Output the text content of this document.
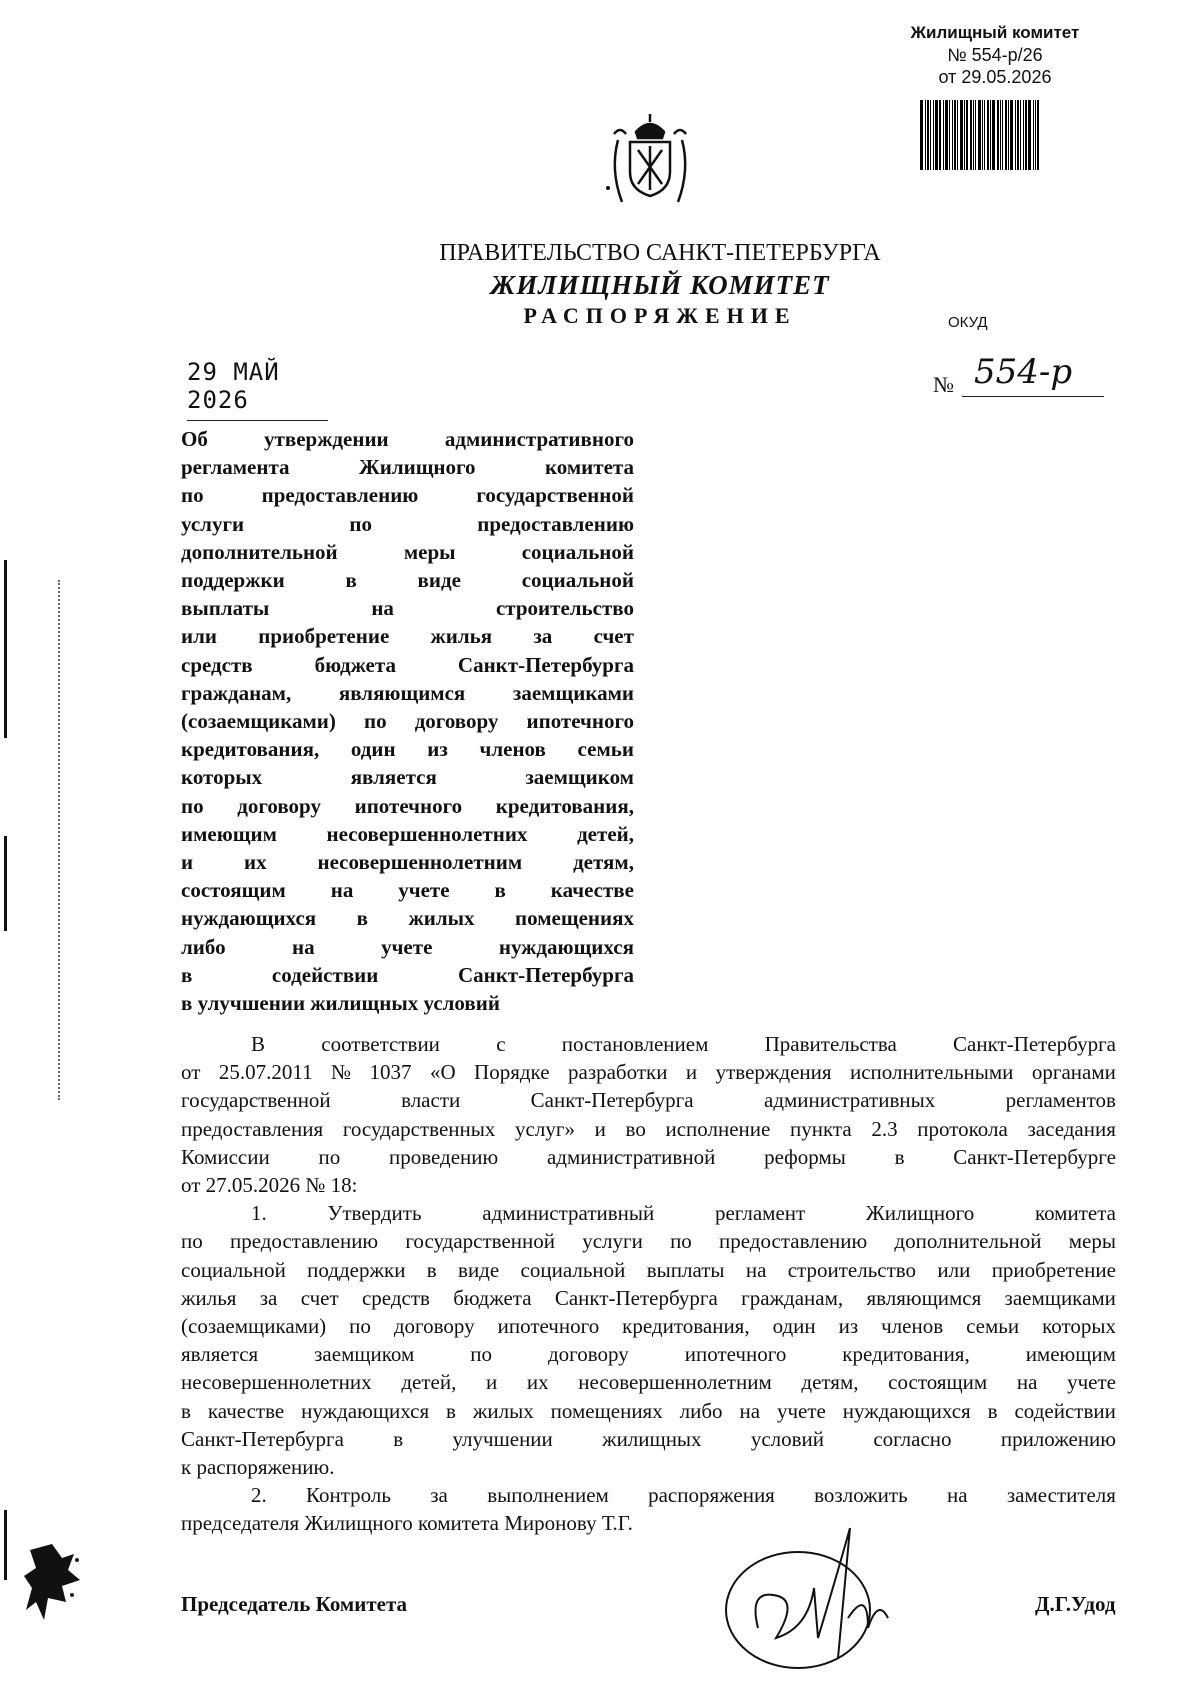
Жилищный комитет
№ 554-р/26
от 29.05.2026
ПРАВИТЕЛЬСТВО САНКТ-ПЕТЕРБУРГА
ЖИЛИЩНЫЙ КОМИТЕТ
РАСПОРЯЖЕНИЕ	ОКУД
29 МАЙ 2026
№ 554-р
Об	утверждении	административного
регламента	Жилищного	комитета
по	предоставлению	государственной
услуги	по	предоставлению
дополнительной	меры	социальной
поддержки	в	виде	социальной
выплаты	на	строительство
или приобретение жилья за счет
средств	бюджета	Санкт-Петербурга
гражданам, являющимся заемщиками
(созаемщиками) по договору ипотечного
кредитования, один из членов семьи
которых	является	заемщиком
по договору ипотечного кредитования,
имеющим несовершеннолетних детей,
и их несовершеннолетним детям,
состоящим на учете в качестве
нуждающихся в жилых помещениях
либо	на	учете	нуждающихся
в	содействии	Санкт-Петербурга
в улучшении жилищных условий
В	соответствии	с	постановлением	Правительства	Санкт-Петербурга
от 25.07.2011 № 1037 «О Порядке разработки и утверждения исполнительными органами
государственной	власти	Санкт-Петербурга	административных	регламентов
предоставления государственных услуг» и во исполнение пункта 2.3 протокола заседания
Комиссии по проведению административной реформы в Санкт-Петербурге
от 27.05.2026 № 18:
1.	Утвердить	административный	регламент	Жилищного	комитета
по предоставлению государственной услуги по предоставлению дополнительной меры
социальной поддержки в виде социальной выплаты на строительство или приобретение
жилья за счет средств бюджета Санкт-Петербурга гражданам, являющимся заемщиками
(созаемщиками) по договору ипотечного кредитования, один из членов семьи которых
является	заемщиком	по	договору	ипотечного	кредитования,	имеющим
несовершеннолетних детей, и их несовершеннолетним детям, состоящим на учете
в качестве нуждающихся в жилых помещениях либо на учете нуждающихся в содействии
Санкт-Петербурга в улучшении жилищных условий согласно приложению
к распоряжению.
2. Контроль за выполнением распоряжения возложить на заместителя
председателя Жилищного комитета Миронову Т.Г.
Председатель Комитета	Д.Г.Удод
